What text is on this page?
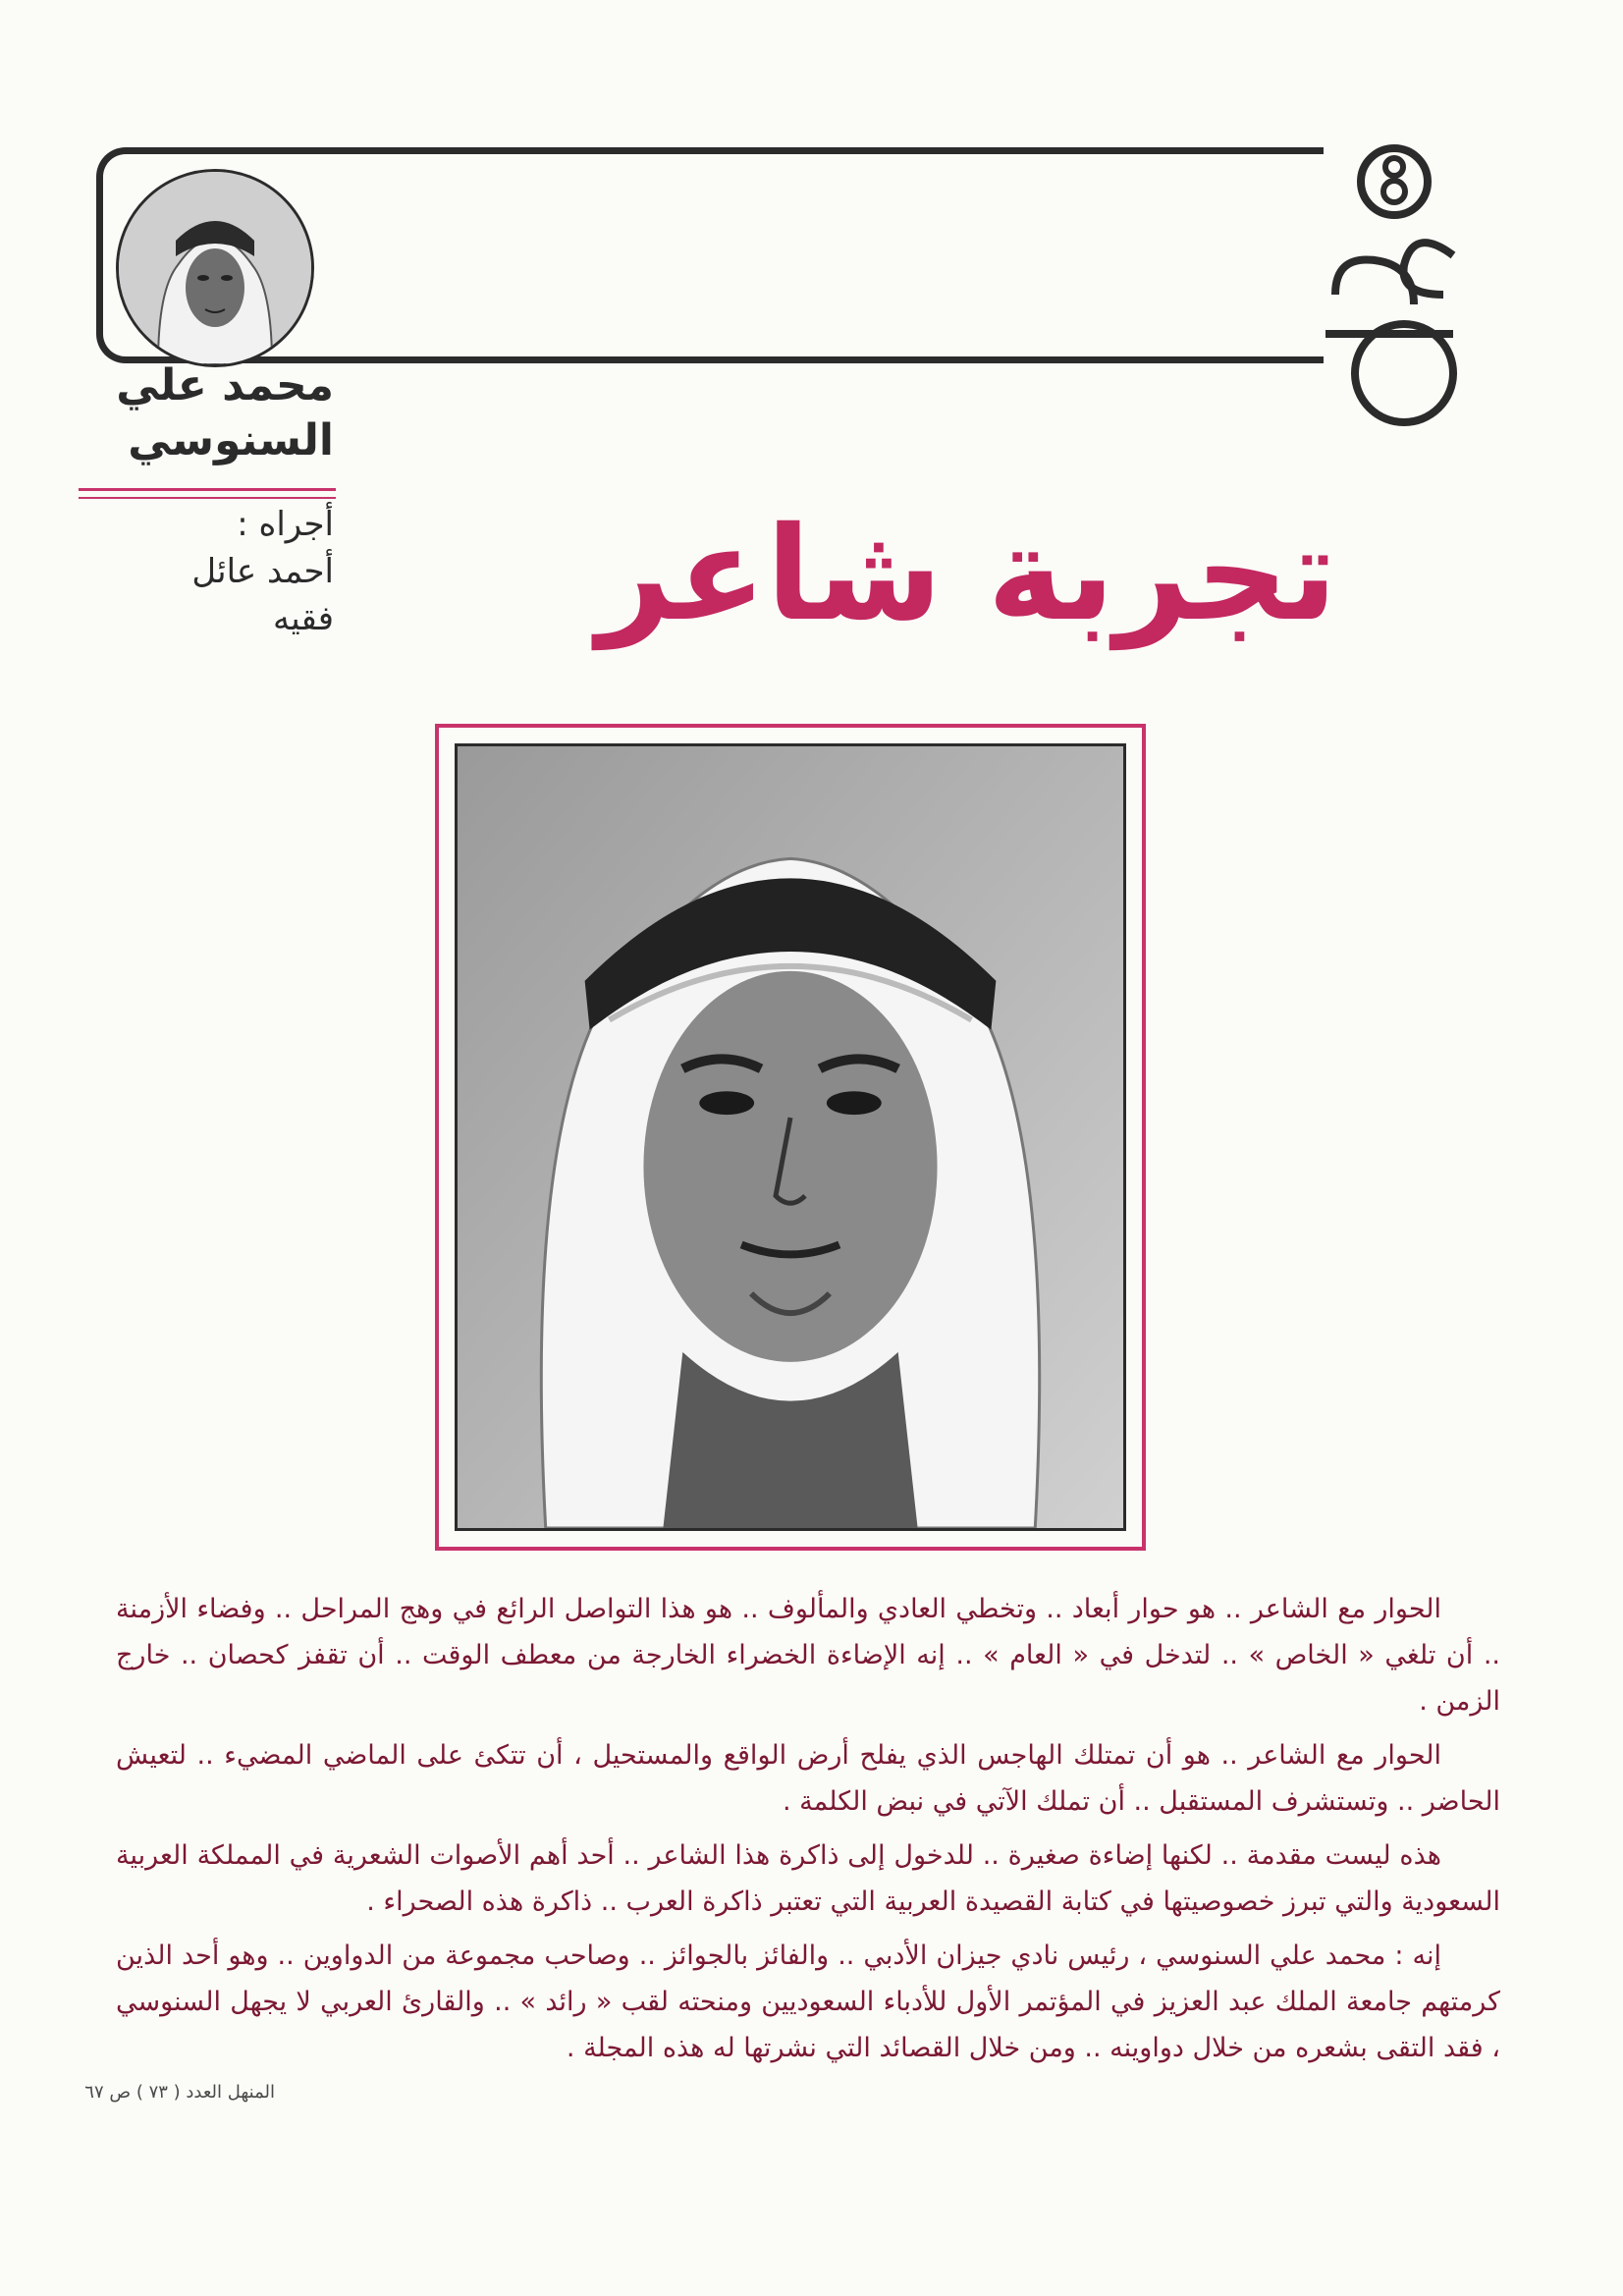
محمد علي
السنوسي
أجراه :
أحمد عائل
فقيه	تجربة شاعر

الحوار مع الشاعر .. هو حوار أبعاد .. وتخطي العادي والمألوف .. هو هذا التواصل الرائع في وهج المراحل .. وفضاء الأزمنة .. أن تلغي « الخاص » .. لتدخل في « العام » .. إنه الإضاءة الخضراء الخارجة من معطف الوقت .. أن تقفز كحصان .. خارج الزمن .

الحوار مع الشاعر .. هو أن تمتلك الهاجس الذي يفلح أرض الواقع والمستحيل ، أن تتكئ على الماضي المضيء .. لتعيش الحاضر .. وتستشرف المستقبل .. أن تملك الآتي في نبض الكلمة .

هذه ليست مقدمة .. لكنها إضاءة صغيرة .. للدخول إلى ذاكرة هذا الشاعر .. أحد أهم الأصوات الشعرية في المملكة العربية السعودية والتي تبرز خصوصيتها في كتابة القصيدة العربية التي تعتبر ذاكرة العرب .. ذاكرة هذه الصحراء .

إنه : محمد علي السنوسي ، رئيس نادي جيزان الأدبي .. والفائز بالجوائز .. وصاحب مجموعة من الدواوين .. وهو أحد الذين كرمتهم جامعة الملك عبد العزيز في المؤتمر الأول للأدباء السعوديين ومنحته لقب « رائد » .. والقارئ العربي لا يجهل السنوسي ، فقد التقى بشعره من خلال دواوينه .. ومن خلال القصائد التي نشرتها له هذه المجلة .

المنهل العدد ( ٧٣ ) ص ٦٧
